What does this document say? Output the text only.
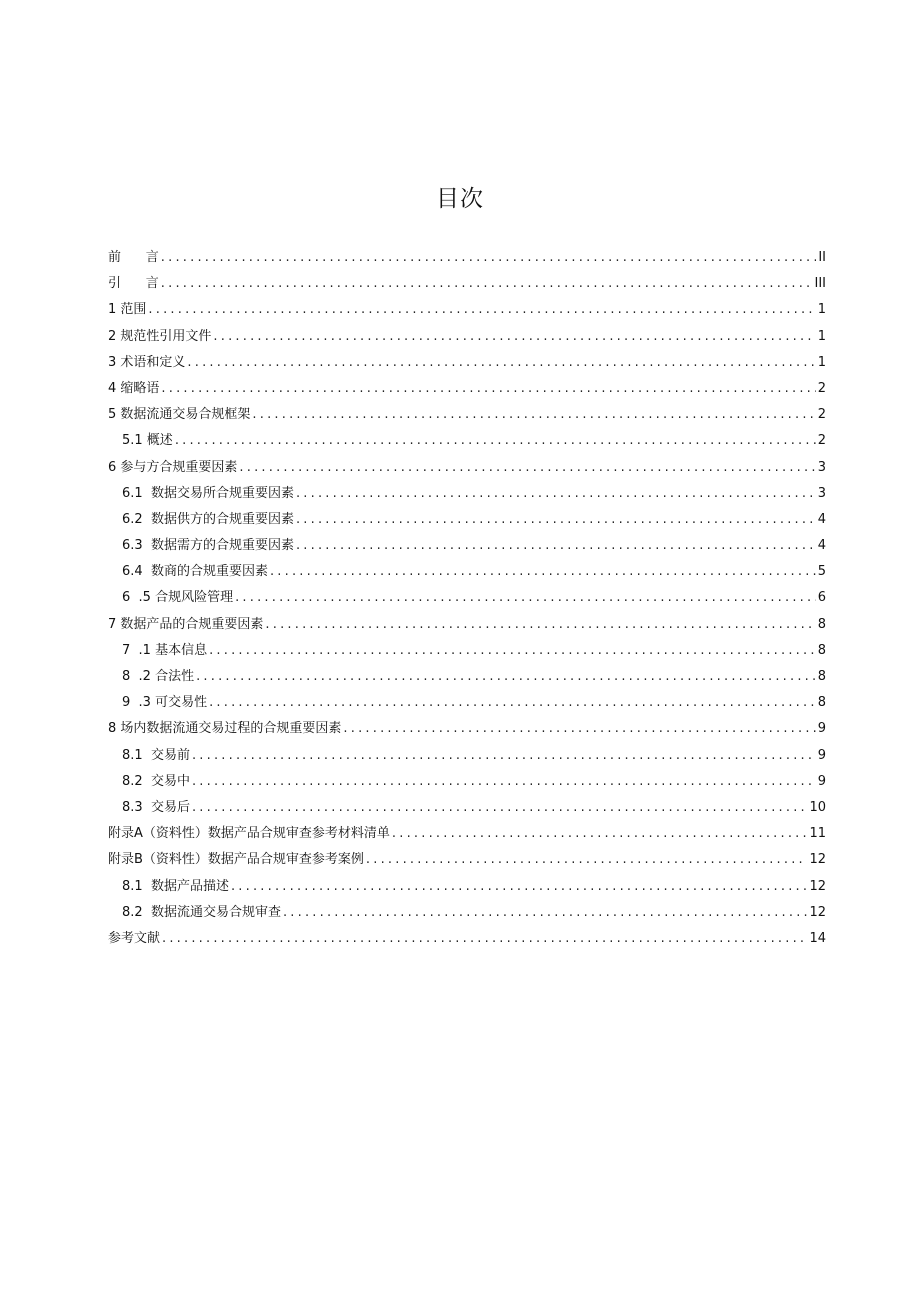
目次
前      言 .....	II
引      言 .....	III
1 范围 .....	1
2 规范性引用文件 .....	1
3 术语和定义 .....	1
4 缩略语 .....	2
5 数据流通交易合规框架 .....	2
5.1 概述 .....	2
6 参与方合规重要因素 .....	3
6.1  数据交易所合规重要因素 .....	3
6.2  数据供方的合规重要因素 .....	4
6.3  数据需方的合规重要因素 .....	4
6.4  数商的合规重要因素 .....	5
6  .5 合规风险管理 .....	6
7 数据产品的合规重要因素 .....	8
7  .1 基本信息 .....	8
8  .2 合法性 .....	8
9  .3 可交易性 .....	8
8 场内数据流通交易过程的合规重要因素 .....	9
8.1  交易前 .....	9
8.2  交易中 .....	9
8.3  交易后 .....	10
附录A（资料性）数据产品合规审查参考材料清单 .....	11
附录B（资料性）数据产品合规审查参考案例 .....	12
8.1  数据产品描述 .....	12
8.2  数据流通交易合规审查 .....	12
参考文献 .....	14
